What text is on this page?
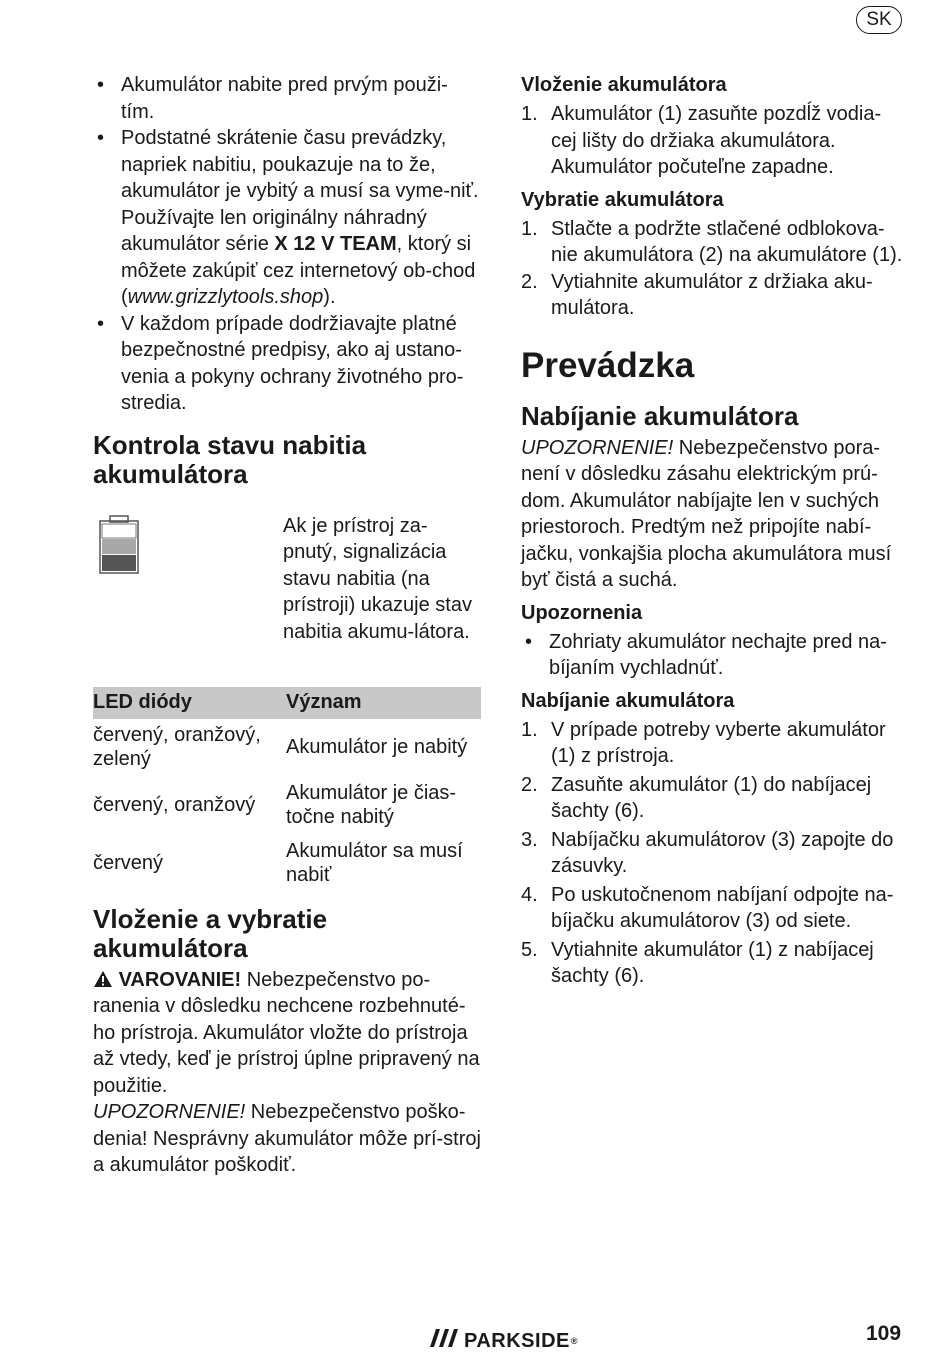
SK
• Akumulátor nabite pred prvým použi-tím.
• Podstatné skrátenie času prevádzky, napriek nabitiu, poukazuje na to že, akumulátor je vybitý a musí sa vyme-niť. Používajte len originálny náhradný akumulátor série X 12 V TEAM, ktorý si môžete zakúpiť cez internetový ob-chod (www.grizzlytools.shop).
• V každom prípade dodržiavajte platné bezpečnostné predpisy, ako aj ustano-venia a pokyny ochrany životného pro-stredia.
Kontrola stavu nabitia akumulátora
Ak je prístroj za-pnutý, signalizácia stavu nabitia (na prístroji) ukazuje stav nabitia akumu-látora.
LED diódy	Význam
červený, oranžový, zelený	Akumulátor je nabitý
červený, oranžový	Akumulátor je čias-točne nabitý
červený	Akumulátor sa musí nabiť
Vloženie a vybratie akumulátora

VAROVANIE! Nebezpečenstvo po-ranenia v dôsledku nechcene rozbehnuté-ho prístroja. Akumulátor vložte do prístroja až vtedy, keď je prístroj úplne pripravený na použitie.

UPOZORNENIE! Nebezpečenstvo poško-denia! Nesprávny akumulátor môže prí-stroj a akumulátor poškodiť.

Vloženie akumulátora
1. Akumulátor (1) zasuňte pozdĺž vodia-cej lišty do držiaka akumulátora. Akumulátor počuteľne zapadne.
Vybratie akumulátora
1. Stlačte a podržte stlačené odblokova-nie akumulátora (2) na akumulátore (1).
2. Vytiahnite akumulátor z držiaka aku-mulátora.
Prevádzka
Nabíjanie akumulátora

UPOZORNENIE! Nebezpečenstvo pora-není v dôsledku zásahu elektrickým prú-dom. Akumulátor nabíjajte len v suchých priestoroch. Predtým než pripojíte nabí-jačku, vonkajšia plocha akumulátora musí byť čistá a suchá.

Upozornenia
• Zohriaty akumulátor nechajte pred na-bíjaním vychladnúť.
Nabíjanie akumulátora
1. V prípade potreby vyberte akumulátor (1) z prístroja.
2. Zasuňte akumulátor (1) do nabíjacej šachty (6).
3. Nabíjačku akumulátorov (3) zapojte do zásuvky.
4. Po uskutočnenom nabíjaní odpojte na-bíjačku akumulátorov (3) od siete.
5. Vytiahnite akumulátor (1) z nabíjacej šachty (6).
PARKSIDE ®	109
